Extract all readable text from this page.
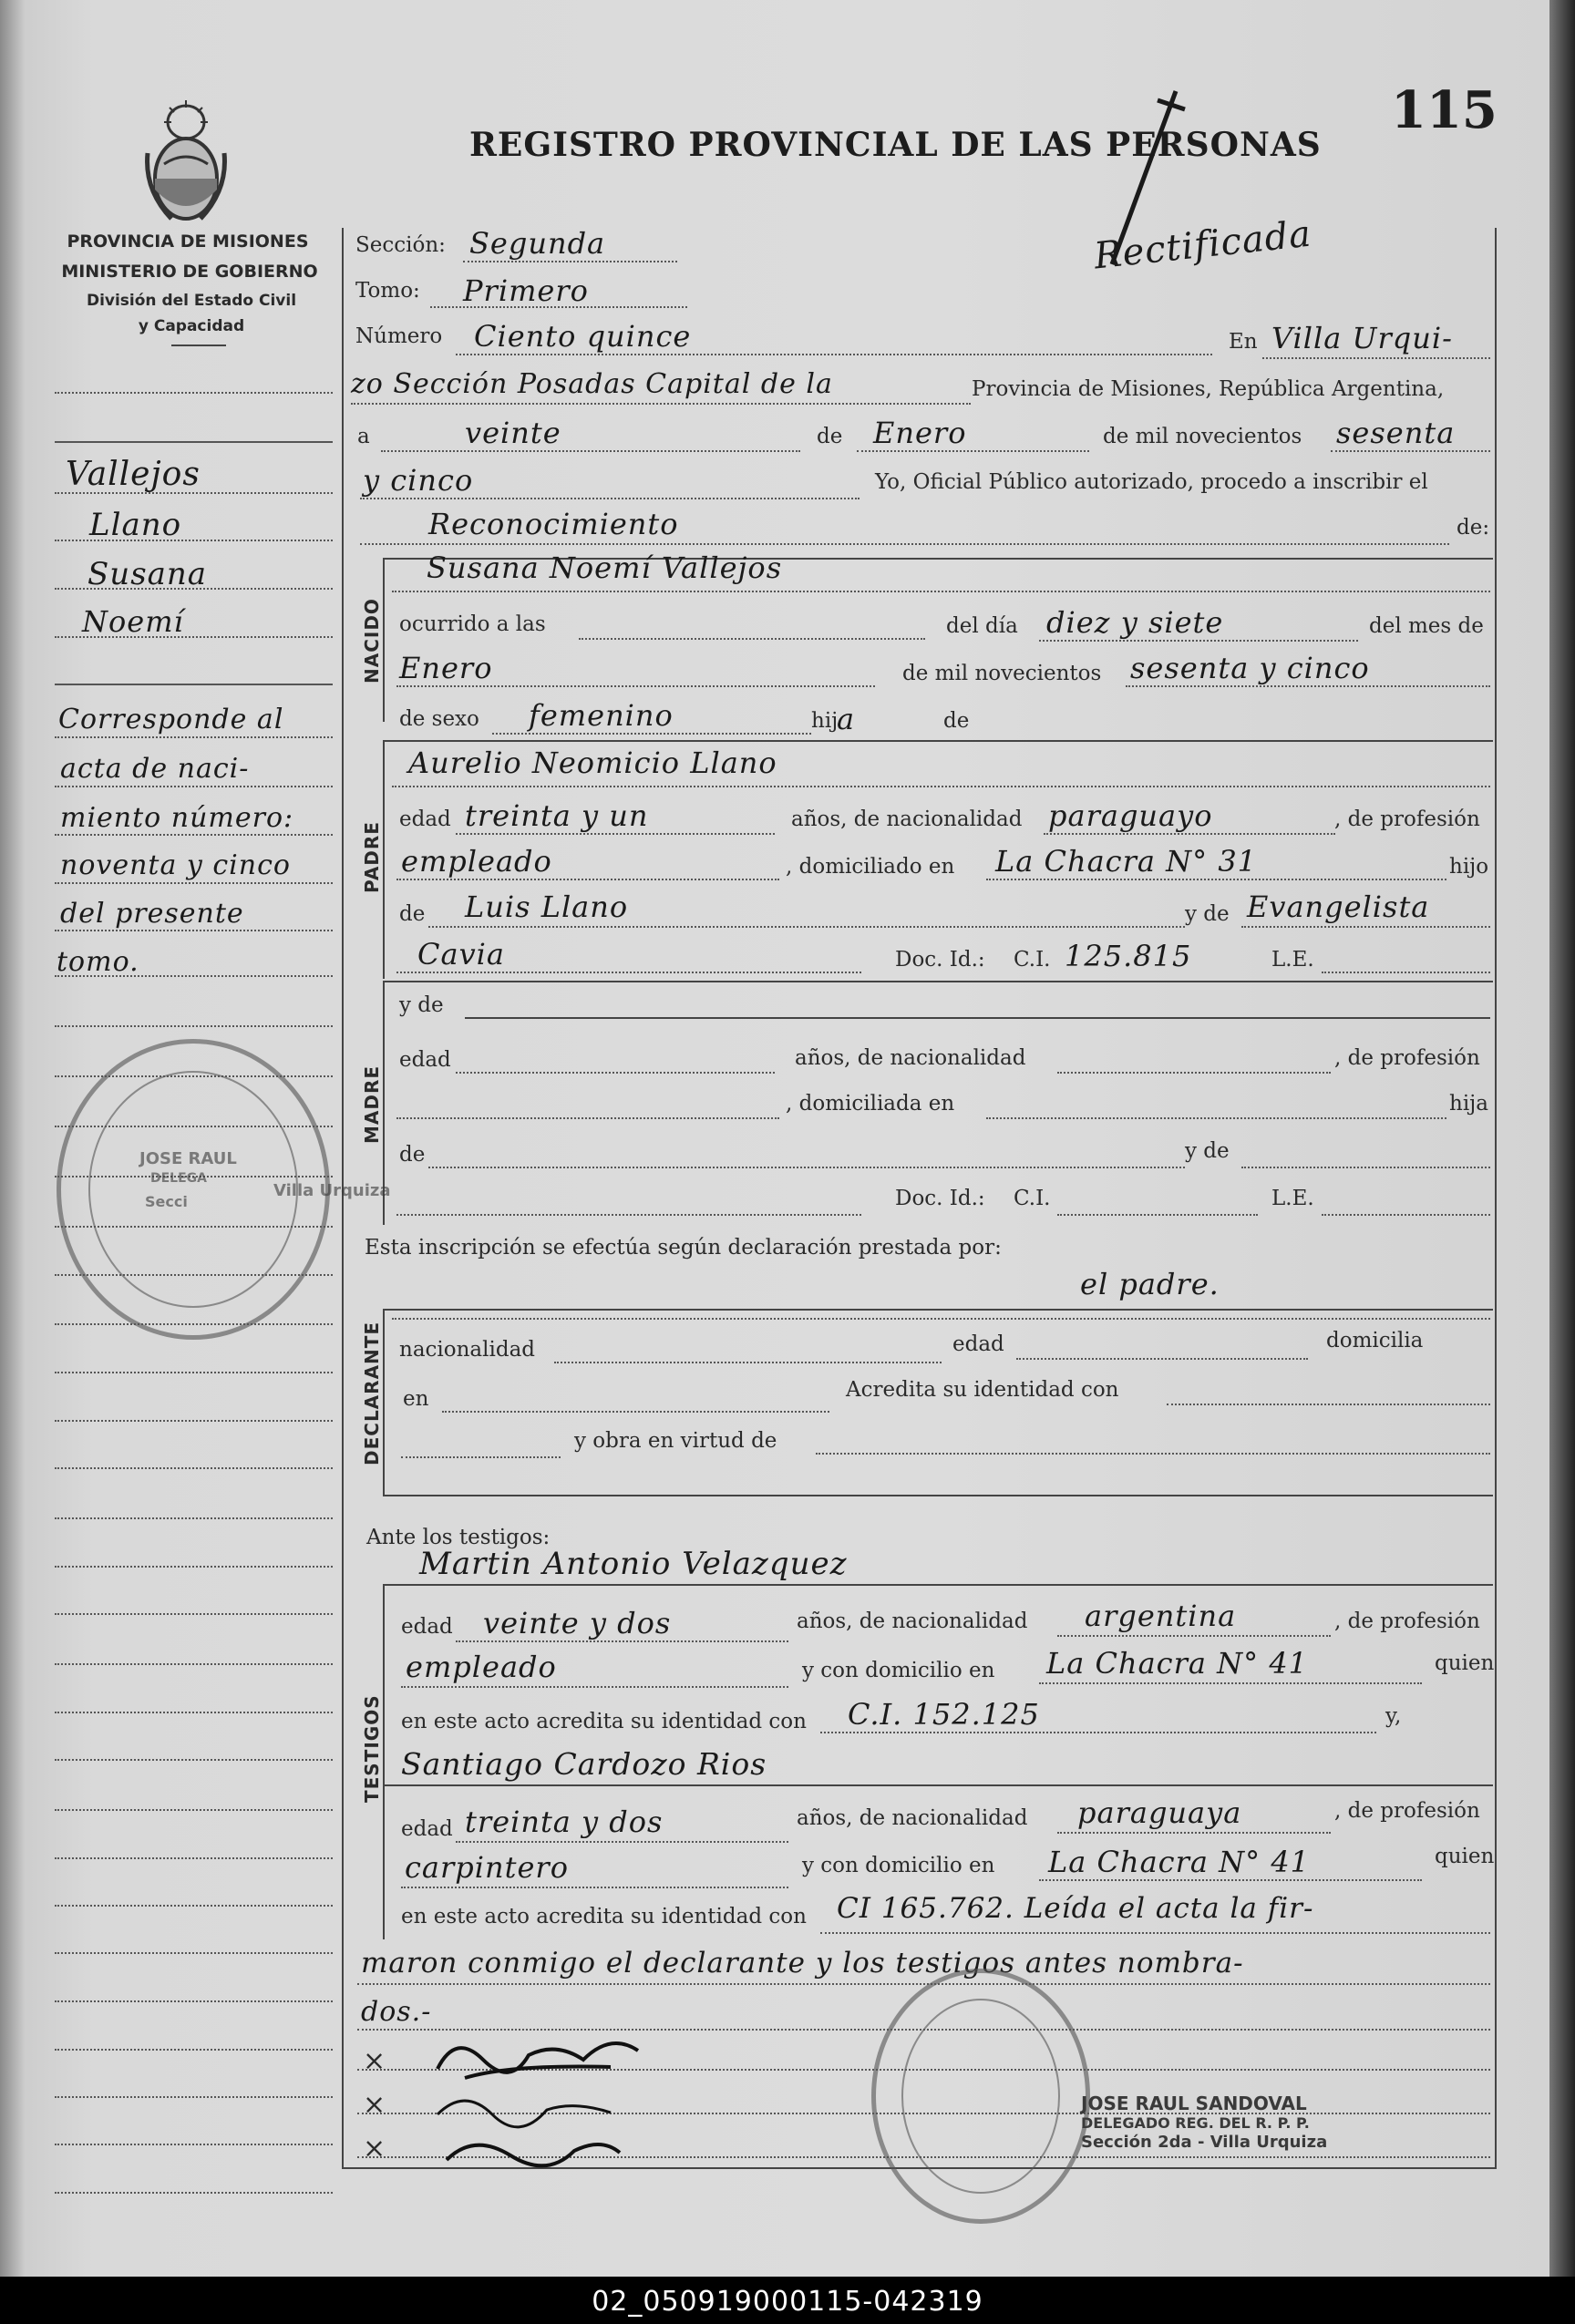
REGISTRO PROVINCIAL DE LAS PERSONAS
115
Rectificada
PROVINCIA DE MISIONES
MINISTERIO DE GOBIERNO
División del Estado Civil
y Capacidad
Vallejos
Llano
Susana
Noemí
Corresponde al
acta de naci-
miento número:
noventa y cinco
del presente
tomo.
Sección: Segunda
Tomo: Primero
Número Ciento quince	En Villa Urqui-
zo Sección Posadas Capital de la	Provincia de Misiones, República Argentina,
a	veinte	de Enero	de mil novecientos sesenta
y cinco	Yo, Oficial Público autorizado, procedo a inscribir el
Reconocimiento	de:
NACIDO
Susana Noemí Vallejos
ocurrido a las	del día diez y siete	del mes de
Enero	de mil novecientos sesenta y cinco
de sexo femenino	hij
a	de
PADRE
Aurelio Neomicio Llano
edad treinta y un	años, de nacionalidad paraguayo	, de profesión
empleado	, domiciliado en La Chacra N° 31	hijo
de Luis Llano	y de Evangelista
Cavia	Doc. Id.: C.I. 125.815	L.E.
MADRE
y de
edad	años, de nacionalidad	, de profesión
, domiciliada en	hija
de	y de
Doc. Id.: C.I.	L.E.
Esta inscripción se efectúa según declaración prestada por:
el padre.
DECLARANTE nacionalidad	edad	domicilia
en	Acredita su identidad con
y obra en virtud de
Ante los testigos:
TESTIGOS
Martin Antonio Velazquez
edad veinte y dos	años, de nacionalidad argentina	, de profesión
empleado	y con domicilio en La Chacra N° 41	quien
en este acto acredita su identidad con C.I. 152.125	y,
Santiago Cardozo Rios
edad treinta y dos	años, de nacionalidad paraguaya	, de profesión
carpintero	y con domicilio en La Chacra N° 41	quien
en este acto acredita su identidad con CI 165.762. Leída el acta la fir-
maron conmigo el declarante y los testigos antes nombra-
dos.-
×
×
×
JOSE RAUL
DELEGA
Secci
Villa Urquiza
JOSE RAUL SANDOVAL
DELEGADO REG. DEL R. P. P.
Sección 2da - Villa Urquiza
02_050919000115-042319
